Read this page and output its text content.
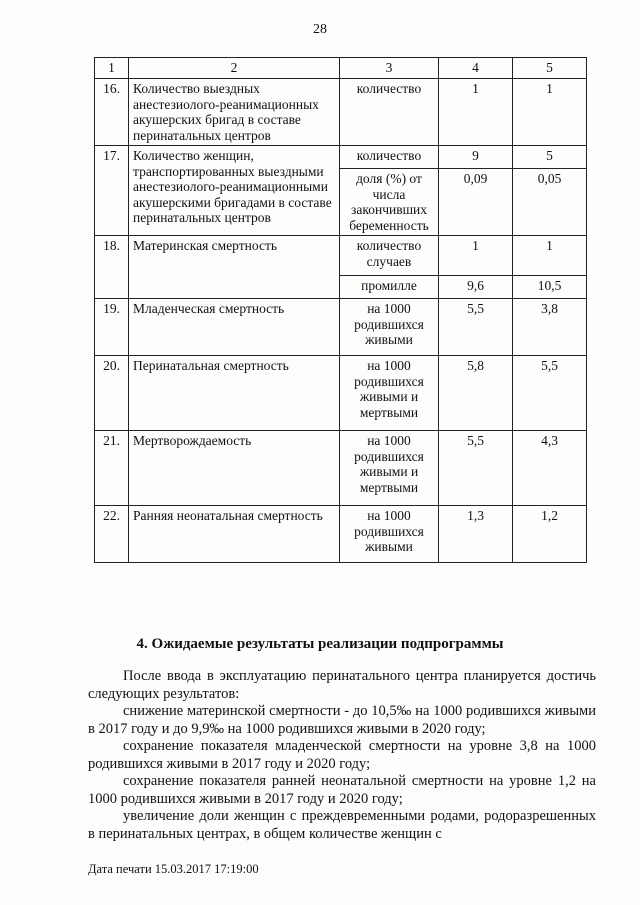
28
1	2	3	4	5
16.	Количество выездных анестезиолого-реанимационных акушерских бригад в составе перинатальных центров	количество	1	1
17.	Количество женщин, транспортированных выездными анестезиолого-реанимационными акушерскими бригадами в составе перинатальных центров	количество	9	5
		доля (%) от числа закончивших беременность	0,09	0,05
18.	Материнская смертность	количество случаев	1	1
		промилле	9,6	10,5
19.	Младенческая смертность	на 1000 родившихся живыми	5,5	3,8
20.	Перинатальная смертность	на 1000 родившихся живыми и мертвыми	5,8	5,5
21.	Мертворождаемость	на 1000 родившихся живыми и мертвыми	5,5	4,3
22.	Ранняя неонатальная смертность	на 1000 родившихся живыми	1,3	1,2
4. Ожидаемые результаты реализации подпрограммы

После ввода в эксплуатацию перинатального центра планируется достичь следующих результатов:

снижение материнской смертности - до 10,5‰ на 1000 родившихся живыми в 2017 году и до 9,9‰ на 1000 родившихся живыми в 2020 году;

сохранение показателя младенческой смертности на уровне 3,8 на 1000 родившихся живыми в 2017 году и 2020 году;

сохранение показателя ранней неонатальной смертности на уровне 1,2 на 1000 родившихся живыми в 2017 году и 2020 году;

увеличение доли женщин с преждевременными родами, родоразрешенных в перинатальных центрах, в общем количестве женщин с

Дата печати 15.03.2017 17:19:00
